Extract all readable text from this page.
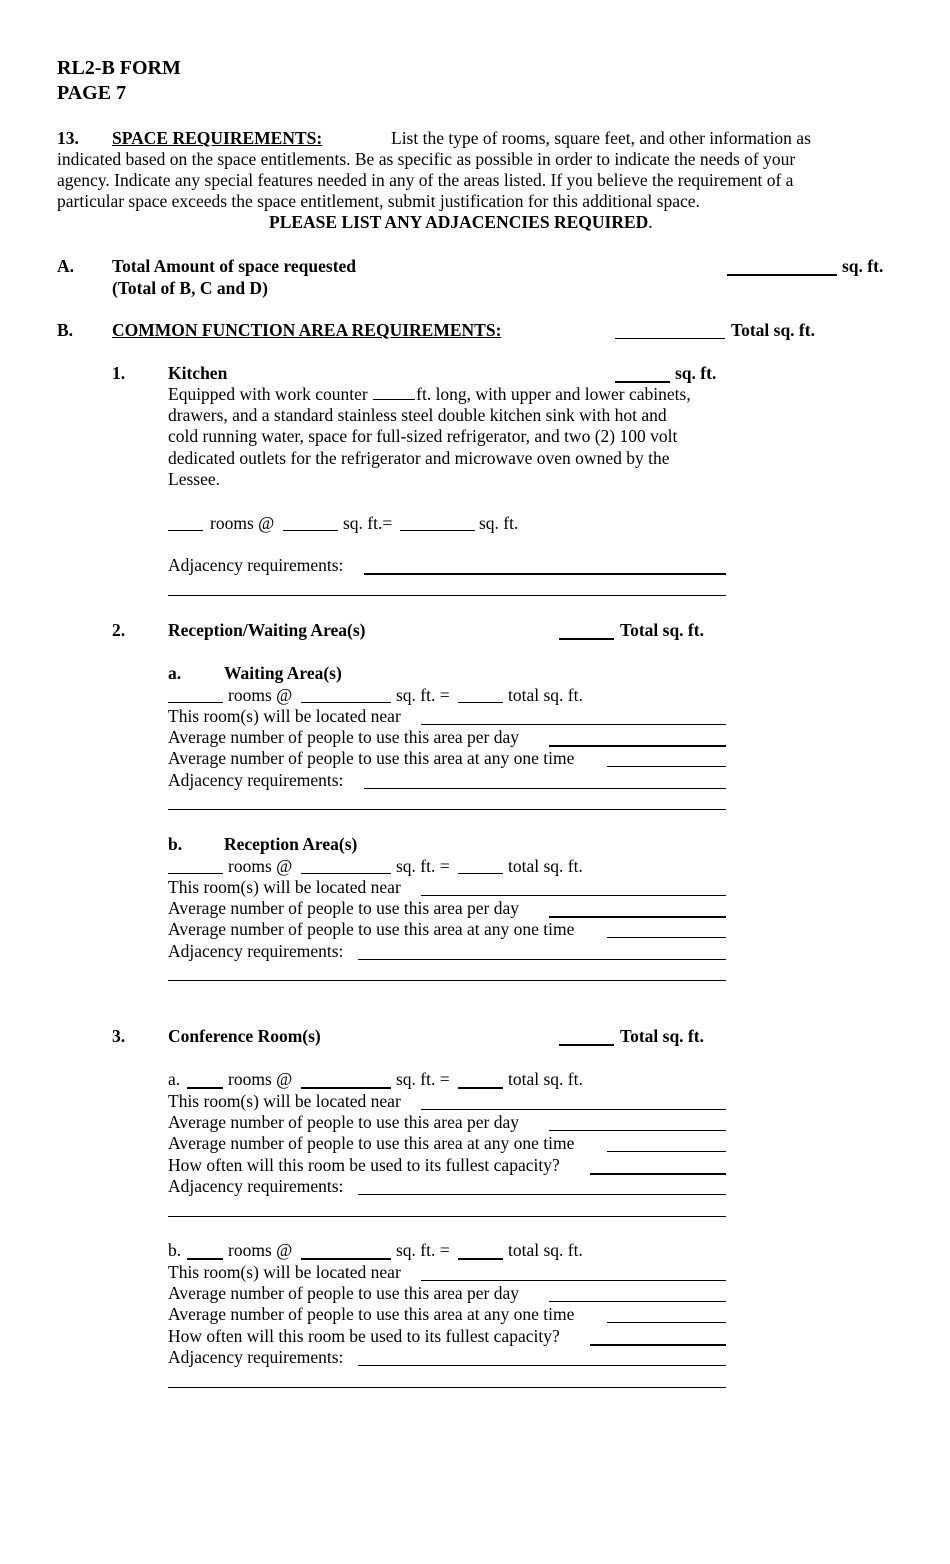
RL2-B FORM
PAGE 7
13. SPACE REQUIREMENTS:	List the type of rooms, square feet, and other information as
indicated based on the space entitlements. Be as specific as possible in order to indicate the needs of your
agency. Indicate any special features needed in any of the areas listed. If you believe the requirement of a
particular space exceeds the space entitlement, submit justification for this additional space.
PLEASE LIST ANY ADJACENCIES REQUIRED.
A. Total Amount of space requested
(Total of B, C and D)
sq. ft.
B. COMMON FUNCTION AREA REQUIREMENTS:	Total sq. ft.
1. Kitchen	sq. ft.
Equipped with work counter	ft. long, with upper and lower cabinets,
drawers, and a standard stainless steel double kitchen sink with hot and
cold running water, space for full-sized refrigerator, and two (2) 100 volt
dedicated outlets for the refrigerator and microwave oven owned by the
Lessee.
rooms @	sq. ft.=	sq. ft.
Adjacency requirements:
2. Reception/Waiting Area(s)	Total sq. ft.
a. Waiting Area(s)
rooms @	sq. ft. =	total sq. ft.
This room(s) will be located near
Average number of people to use this area per day
Average number of people to use this area at any one time
Adjacency requirements:
b. Reception Area(s)
rooms @	sq. ft. =	total sq. ft.
This room(s) will be located near
Average number of people to use this area per day
Average number of people to use this area at any one time
Adjacency requirements:
3. Conference Room(s)	Total sq. ft.
a.	rooms @	sq. ft. =	total sq. ft.
This room(s) will be located near
Average number of people to use this area per day
Average number of people to use this area at any one time
How often will this room be used to its fullest capacity?
Adjacency requirements:
b.	rooms @	sq. ft. =	total sq. ft.
This room(s) will be located near
Average number of people to use this area per day
Average number of people to use this area at any one time
How often will this room be used to its fullest capacity?
Adjacency requirements:
